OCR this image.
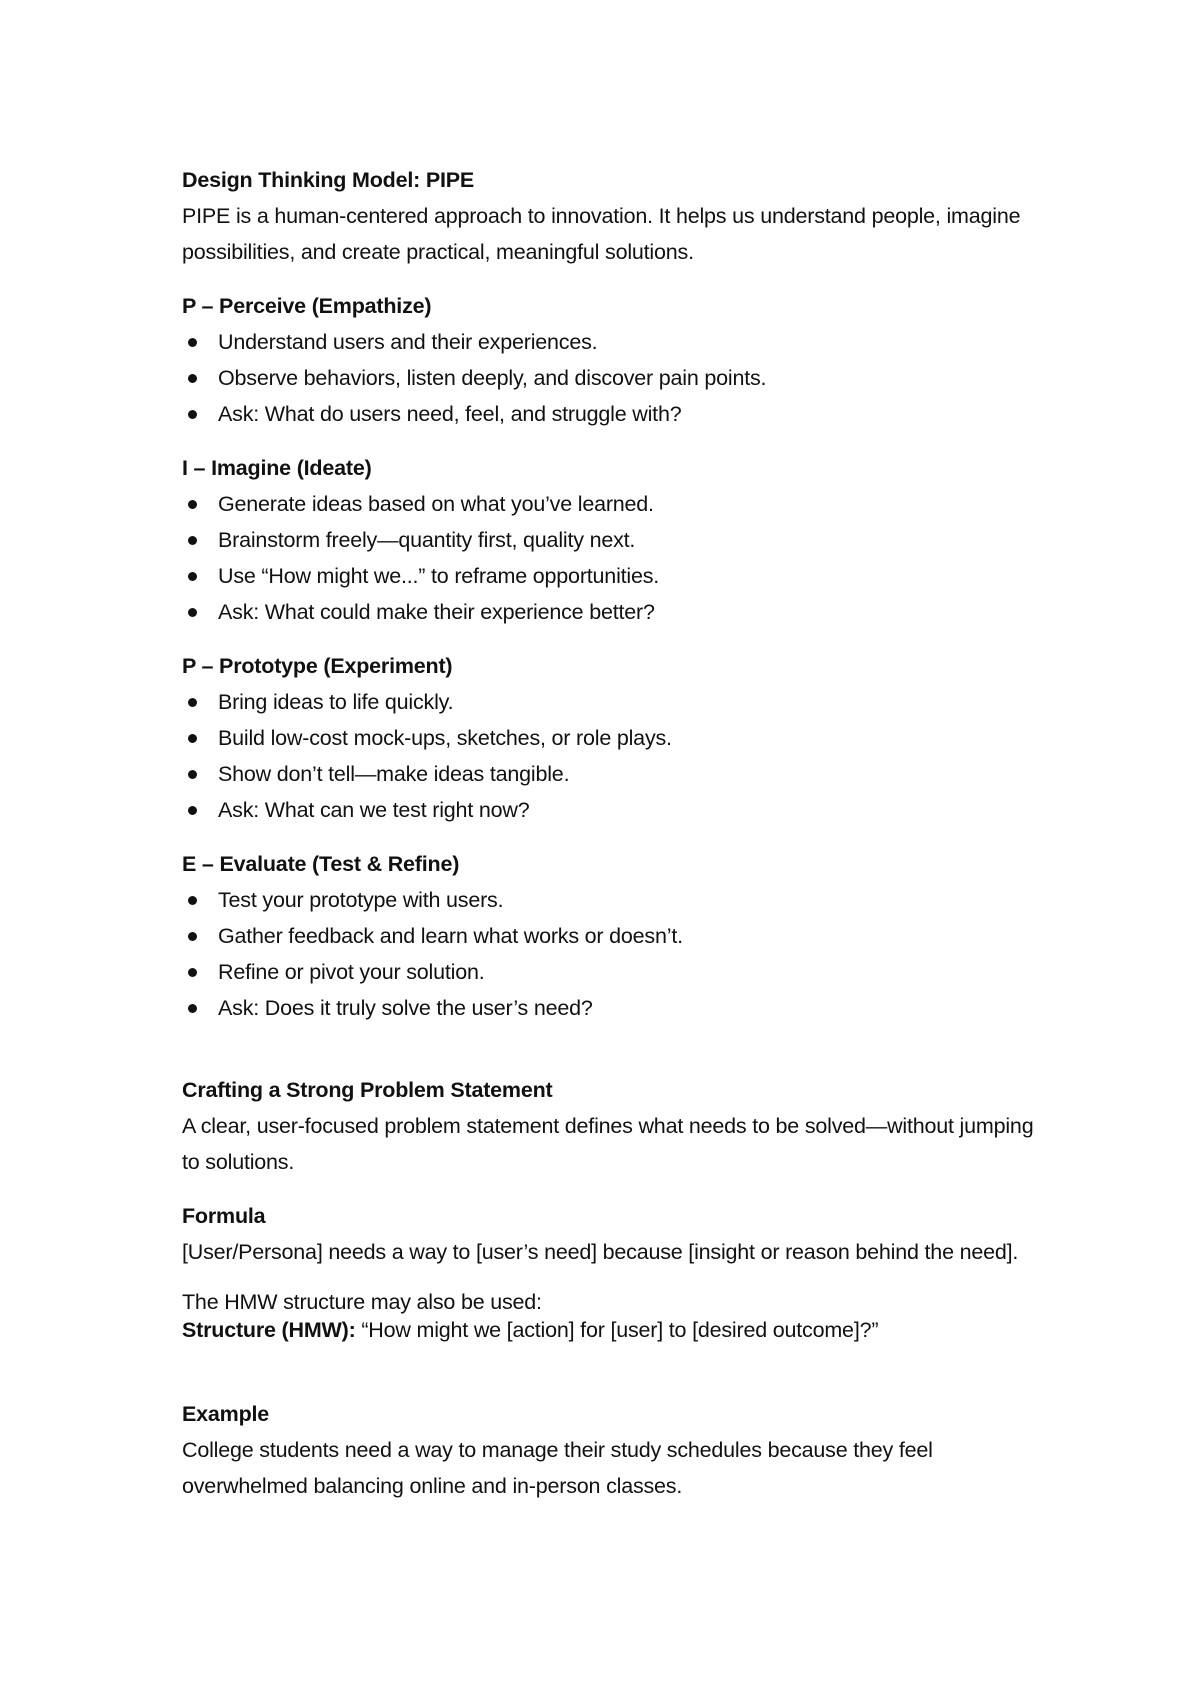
Design Thinking Model: PIPE

PIPE is a human-centered approach to innovation. It helps us understand people, imagine possibilities, and create practical, meaningful solutions.

P – Perceive (Empathize)

Understand users and their experiences.
Observe behaviors, listen deeply, and discover pain points.
Ask: What do users need, feel, and struggle with?

I – Imagine (Ideate)

Generate ideas based on what you’ve learned.
Brainstorm freely—quantity first, quality next.
Use “How might we...” to reframe opportunities.
Ask: What could make their experience better?

P – Prototype (Experiment)

Bring ideas to life quickly.
Build low-cost mock-ups, sketches, or role plays.
Show don’t tell—make ideas tangible.
Ask: What can we test right now?

E – Evaluate (Test & Refine)

Test your prototype with users.
Gather feedback and learn what works or doesn’t.
Refine or pivot your solution.
Ask: Does it truly solve the user’s need?

Crafting a Strong Problem Statement

A clear, user-focused problem statement defines what needs to be solved—without jumping to solutions.

Formula

[User/Persona] needs a way to [user’s need] because [insight or reason behind the need].

The HMW structure may also be used:

Structure (HMW): “How might we [action] for [user] to [desired outcome]?”

Example

College students need a way to manage their study schedules because they feel overwhelmed balancing online and in-person classes.
